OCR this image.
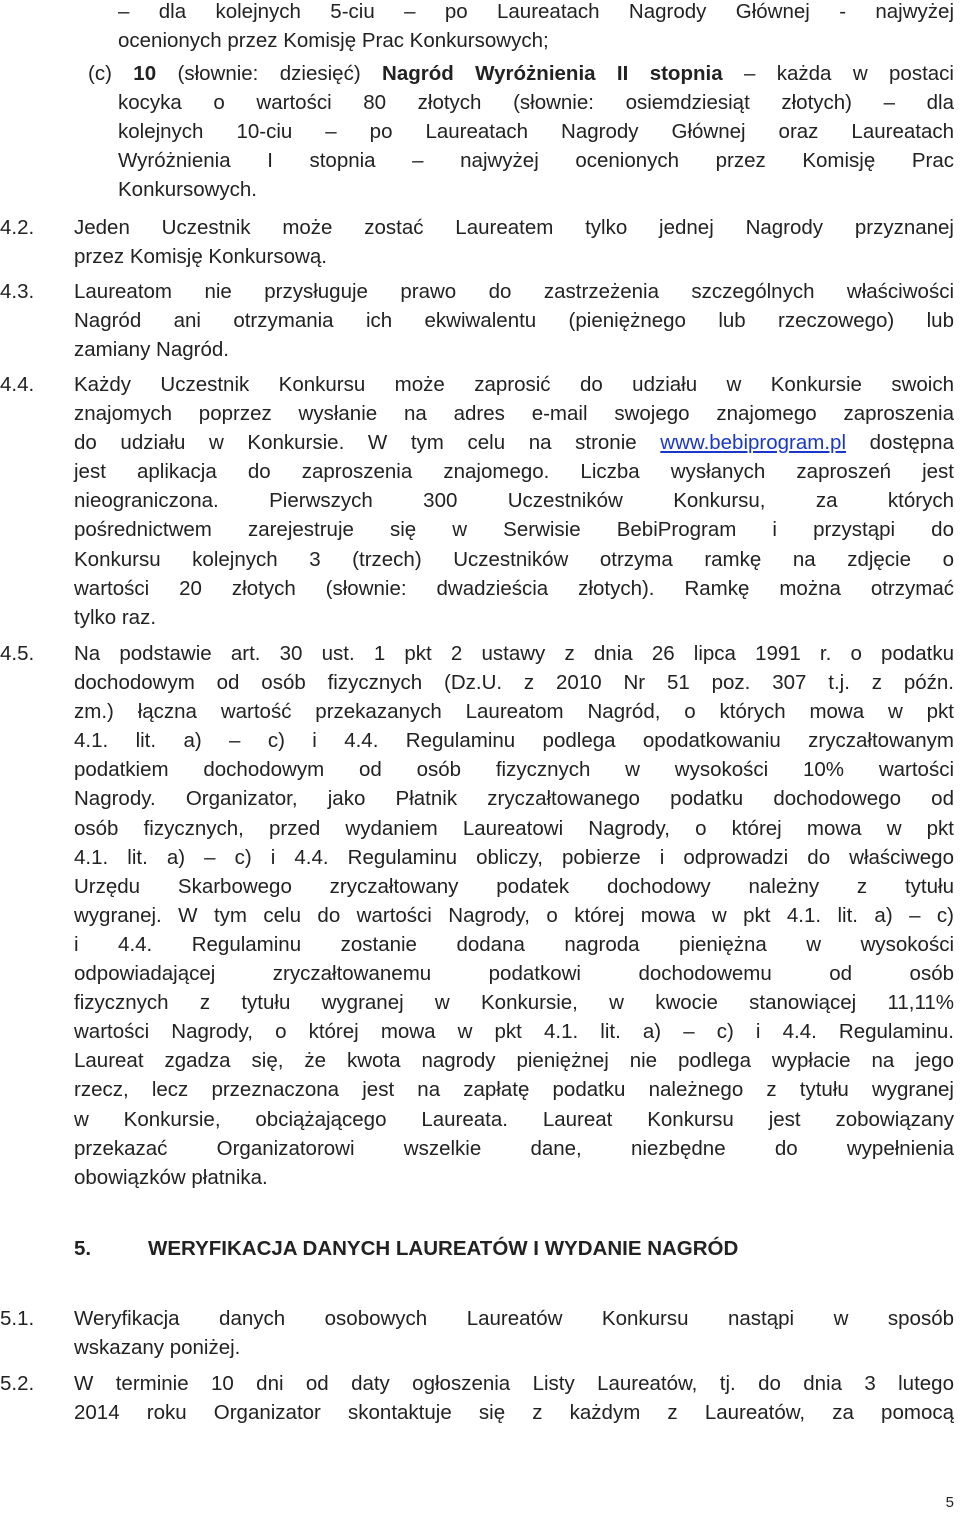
– dla kolejnych 5-ciu – po Laureatach Nagrody Głównej - najwyżej
ocenionych przez Komisję Prac Konkursowych;
(c) 10 (słownie: dziesięć) Nagród Wyróżnienia II stopnia – każda w postaci
kocyka o wartości 80 złotych (słownie: osiemdziesiąt złotych) – dla
kolejnych 10-ciu – po Laureatach Nagrody Głównej oraz Laureatach
Wyróżnienia I stopnia – najwyżej ocenionych przez Komisję Prac
Konkursowych.
4.2. Jeden Uczestnik może zostać Laureatem tylko jednej Nagrody przyznanej
przez Komisję Konkursową.
4.3. Laureatom nie przysługuje prawo do zastrzeżenia szczególnych właściwości
Nagród ani otrzymania ich ekwiwalentu (pieniężnego lub rzeczowego) lub
zamiany Nagród.
4.4. Każdy Uczestnik Konkursu może zaprosić do udziału w Konkursie swoich
znajomych poprzez wysłanie na adres e-mail swojego znajomego zaproszenia
do udziału w Konkursie. W tym celu na stronie www.bebiprogram.pl dostępna
jest aplikacja do zaproszenia znajomego. Liczba wysłanych zaproszeń jest
nieograniczona. Pierwszych 300 Uczestników Konkursu, za których
pośrednictwem zarejestruje się w Serwisie BebiProgram i przystąpi do
Konkursu kolejnych 3 (trzech) Uczestników otrzyma ramkę na zdjęcie o
wartości 20 złotych (słownie: dwadzieścia złotych). Ramkę można otrzymać
tylko raz.
4.5. Na podstawie art. 30 ust. 1 pkt 2 ustawy z dnia 26 lipca 1991 r. o podatku
dochodowym od osób fizycznych (Dz.U. z 2010 Nr 51 poz. 307 t.j. z późn.
zm.) łączna wartość przekazanych Laureatom Nagród, o których mowa w pkt
4.1. lit. a) – c) i 4.4. Regulaminu podlega opodatkowaniu zryczałtowanym
podatkiem dochodowym od osób fizycznych w wysokości 10% wartości
Nagrody. Organizator, jako Płatnik zryczałtowanego podatku dochodowego od
osób fizycznych, przed wydaniem Laureatowi Nagrody, o której mowa w pkt
4.1. lit. a) – c) i 4.4. Regulaminu obliczy, pobierze i odprowadzi do właściwego
Urzędu Skarbowego zryczałtowany podatek dochodowy należny z tytułu
wygranej. W tym celu do wartości Nagrody, o której mowa w pkt 4.1. lit. a) – c)
i 4.4. Regulaminu zostanie dodana nagroda pieniężna w wysokości
odpowiadającej zryczałtowanemu podatkowi dochodowemu od osób
fizycznych z tytułu wygranej w Konkursie, w kwocie stanowiącej 11,11%
wartości Nagrody, o której mowa w pkt 4.1. lit. a) – c) i 4.4. Regulaminu.
Laureat zgadza się, że kwota nagrody pieniężnej nie podlega wypłacie na jego
rzecz, lecz przeznaczona jest na zapłatę podatku należnego z tytułu wygranej
w Konkursie, obciążającego Laureata. Laureat Konkursu jest zobowiązany
przekazać Organizatorowi wszelkie dane, niezbędne do wypełnienia
obowiązków płatnika.
5.	WERYFIKACJA DANYCH LAUREATÓW I WYDANIE NAGRÓD
5.1. Weryfikacja danych osobowych Laureatów Konkursu nastąpi w sposób
wskazany poniżej.
5.2. W terminie 10 dni od daty ogłoszenia Listy Laureatów, tj. do dnia 3 lutego
2014 roku Organizator skontaktuje się z każdym z Laureatów, za pomocą
5
